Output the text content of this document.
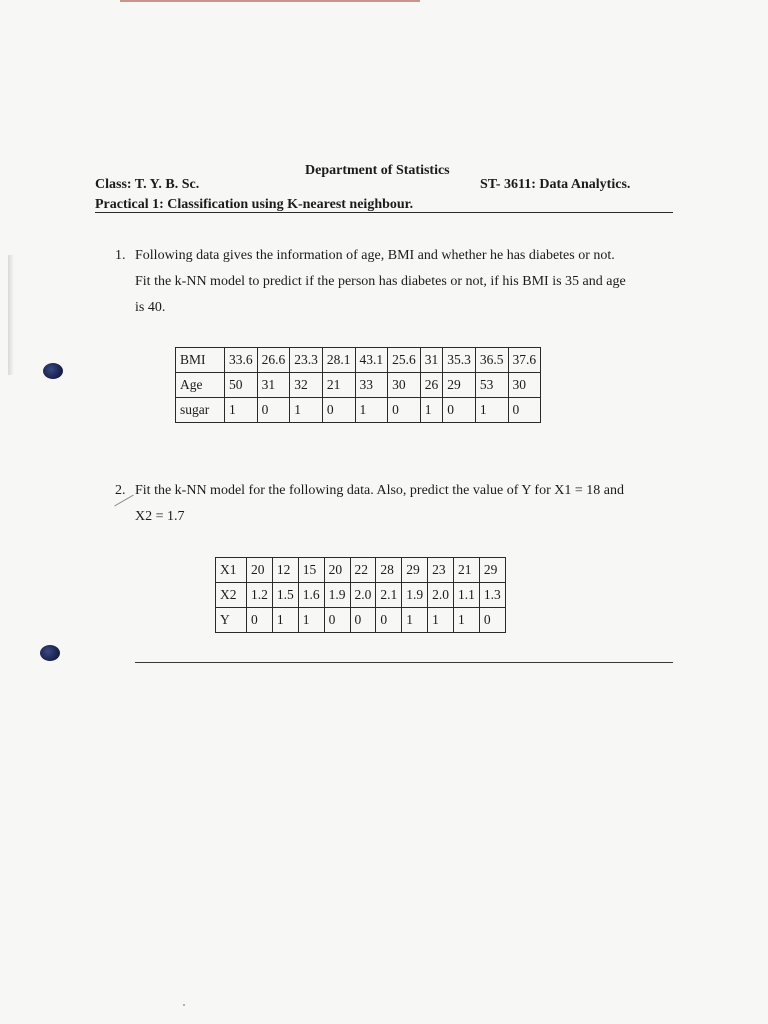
Department of Statistics
Class: T. Y. B. Sc.	ST- 3611: Data Analytics.
Practical 1: Classification using K-nearest neighbour.
1. Following data gives the information of age, BMI and whether he has diabetes or not.
Fit the k-NN model to predict if the person has diabetes or not, if his BMI is 35 and age
is 40.
BMI	33.6	26.6	23.3	28.1	43.1	25.6	31	35.3	36.5	37.6
Age	50	31	32	21	33	30	26	29	53	30
sugar	1	0	1	0	1	0	1	0	1	0
2. Fit the k-NN model for the following data. Also, predict the value of Y for X1 = 18 and
X2 = 1.7
X1	20	12	15	20	22	28	29	23	21	29
X2	1.2	1.5	1.6	1.9	2.0	2.1	1.9	2.0	1.1	1.3
Y	0	1	1	0	0	0	1	1	1	0
